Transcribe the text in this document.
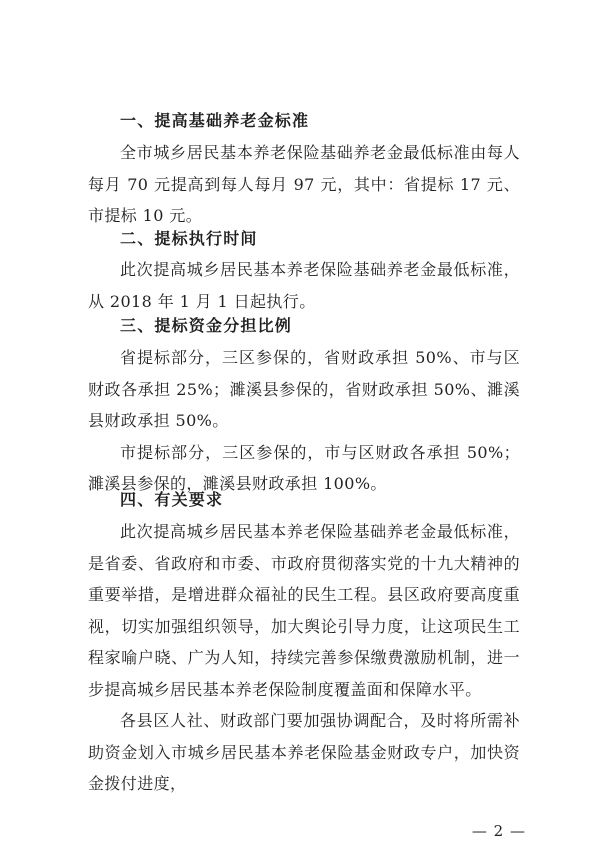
一、提高基础养老金标准

全市城乡居民基本养老保险基础养老金最低标准由每人每月 70 元提高到每人每月 97 元，其中：省提标 17 元、市提标 10 元。

二、提标执行时间

此次提高城乡居民基本养老保险基础养老金最低标准，从 2018 年 1 月 1 日起执行。

三、提标资金分担比例

省提标部分，三区参保的，省财政承担 50%、市与区财政各承担 25%；濉溪县参保的，省财政承担 50%、濉溪县财政承担 50%。

市提标部分，三区参保的，市与区财政各承担 50%；濉溪县参保的，濉溪县财政承担 100%。

四、有关要求

此次提高城乡居民基本养老保险基础养老金最低标准，是省委、省政府和市委、市政府贯彻落实党的十九大精神的重要举措，是增进群众福祉的民生工程。县区政府要高度重视，切实加强组织领导，加大舆论引导力度，让这项民生工程家喻户晓、广为人知，持续完善参保缴费激励机制，进一步提高城乡居民基本养老保险制度覆盖面和保障水平。

各县区人社、财政部门要加强协调配合，及时将所需补助资金划入市城乡居民基本养老保险基金财政专户，加快资金拨付进度，

— 2 —
